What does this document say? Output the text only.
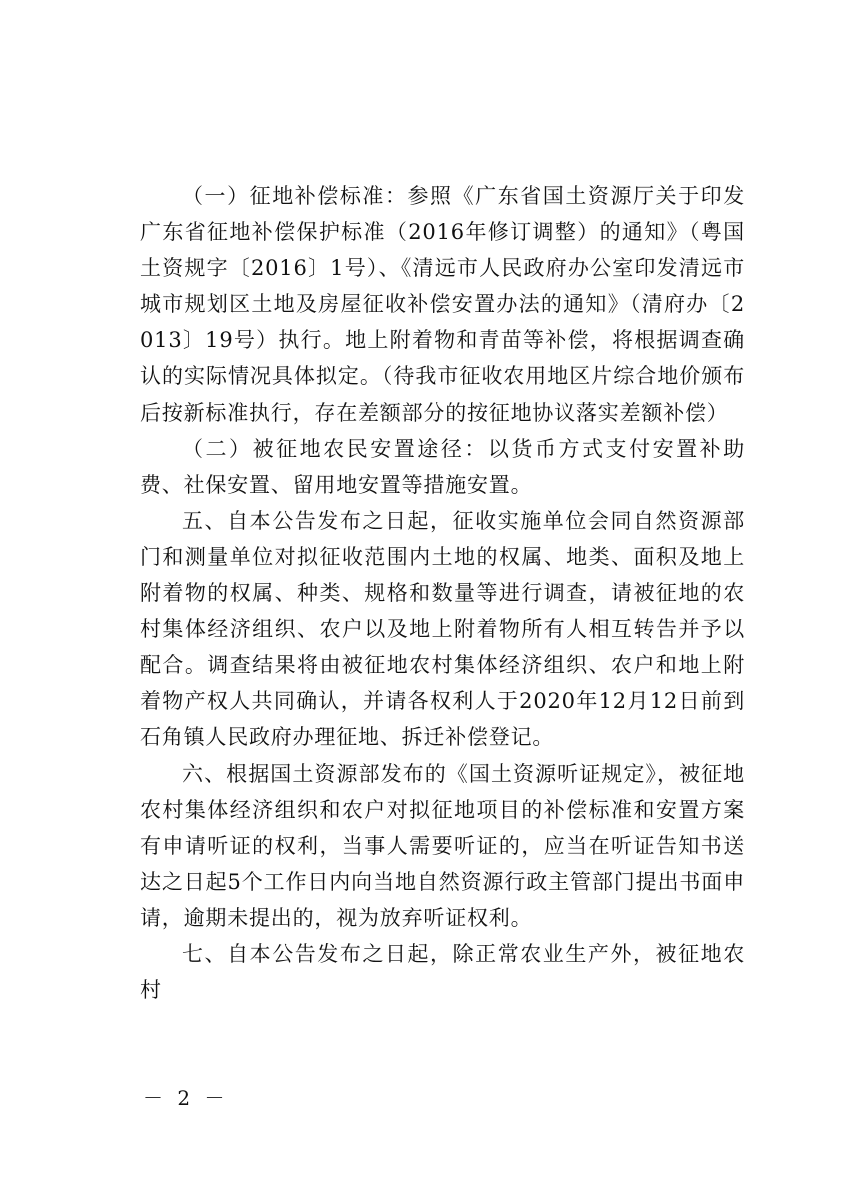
（一）征地补偿标准：参照《广东省国土资源厅关于印发广东省征地补偿保护标准（2016年修订调整）的通知》（粤国土资规字〔2016〕1号）、《清远市人民政府办公室印发清远市城市规划区土地及房屋征收补偿安置办法的通知》（清府办〔2013〕19号）执行。地上附着物和青苗等补偿，将根据调查确认的实际情况具体拟定。（待我市征收农用地区片综合地价颁布后按新标准执行，存在差额部分的按征地协议落实差额补偿）

（二）被征地农民安置途径：以货币方式支付安置补助费、社保安置、留用地安置等措施安置。

五、自本公告发布之日起，征收实施单位会同自然资源部门和测量单位对拟征收范围内土地的权属、地类、面积及地上附着物的权属、种类、规格和数量等进行调查，请被征地的农村集体经济组织、农户以及地上附着物所有人相互转告并予以配合。调查结果将由被征地农村集体经济组织、农户和地上附着物产权人共同确认，并请各权利人于2020年12月12日前到石角镇人民政府办理征地、拆迁补偿登记。

六、根据国土资源部发布的《国土资源听证规定》，被征地农村集体经济组织和农户对拟征地项目的补偿标准和安置方案有申请听证的权利，当事人需要听证的，应当在听证告知书送达之日起5个工作日内向当地自然资源行政主管部门提出书面申请，逾期未提出的，视为放弃听证权利。

七、自本公告发布之日起，除正常农业生产外，被征地农村

－ 2 －
